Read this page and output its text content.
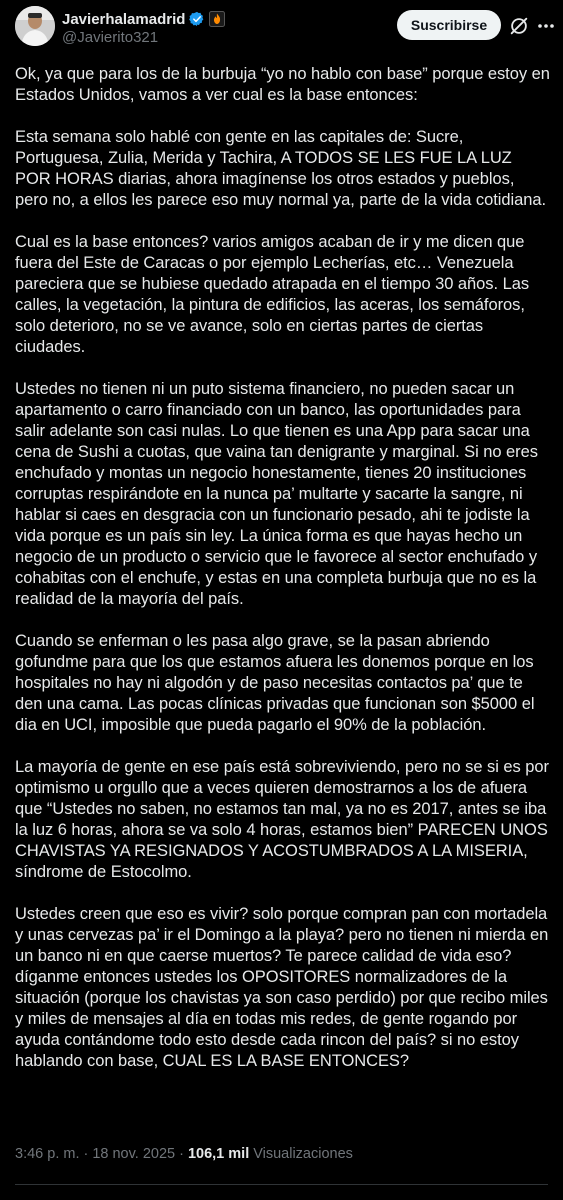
Javierhalamadrid
@Javierito321
Suscribirse

Ok, ya que para los de la burbuja “yo no hablo con base” porque estoy en Estados Unidos, vamos a ver cual es la base entonces:

Esta semana solo hablé con gente en las capitales de: Sucre, Portuguesa, Zulia, Merida y Tachira, A TODOS SE LES FUE LA LUZ POR HORAS diarias, ahora imagínense los otros estados y pueblos, pero no, a ellos les parece eso muy normal ya, parte de la vida cotidiana.

Cual es la base entonces? varios amigos acaban de ir y me dicen que fuera del Este de Caracas o por ejemplo Lecherías, etc… Venezuela pareciera que se hubiese quedado atrapada en el tiempo 30 años. Las calles, la vegetación, la pintura de edificios, las aceras, los semáforos, solo deterioro, no se ve avance, solo en ciertas partes de ciertas ciudades.

Ustedes no tienen ni un puto sistema financiero, no pueden sacar un apartamento o carro financiado con un banco, las oportunidades para salir adelante son casi nulas. Lo que tienen es una App para sacar una cena de Sushi a cuotas, que vaina tan denigrante y marginal. Si no eres enchufado y montas un negocio honestamente, tienes 20 instituciones corruptas respirándote en la nunca pa’ multarte y sacarte la sangre, ni hablar si caes en desgracia con un funcionario pesado, ahi te jodiste la vida porque es un país sin ley. La única forma es que hayas hecho un negocio de un producto o servicio que le favorece al sector enchufado y cohabitas con el enchufe, y estas en una completa burbuja que no es la realidad de la mayoría del país.

Cuando se enferman o les pasa algo grave, se la pasan abriendo gofundme para que los que estamos afuera les donemos porque en los hospitales no hay ni algodón y de paso necesitas contactos pa’ que te den una cama. Las pocas clínicas privadas que funcionan son $5000 el dia en UCI, imposible que pueda pagarlo el 90% de la población.

La mayoría de gente en ese país está sobreviviendo, pero no se si es por optimismo u orgullo que a veces quieren demostrarnos a los de afuera que “Ustedes no saben, no estamos tan mal, ya no es 2017, antes se iba la luz 6 horas, ahora se va solo 4 horas, estamos bien” PARECEN UNOS CHAVISTAS YA RESIGNADOS Y ACOSTUMBRADOS A LA MISERIA, síndrome de Estocolmo.

Ustedes creen que eso es vivir? solo porque compran pan con mortadela y unas cervezas pa’ ir el Domingo a la playa? pero no tienen ni mierda en un banco ni en que caerse muertos? Te parece calidad de vida eso? díganme entonces ustedes los OPOSITORES normalizadores de la situación (porque los chavistas ya son caso perdido) por que recibo miles y miles de mensajes al día en todas mis redes, de gente rogando por ayuda contándome todo esto desde cada rincon del país? si no estoy hablando con base, CUAL ES LA BASE ENTONCES?

3:46 p. m. · 18 nov. 2025 · 106,1 mil Visualizaciones
